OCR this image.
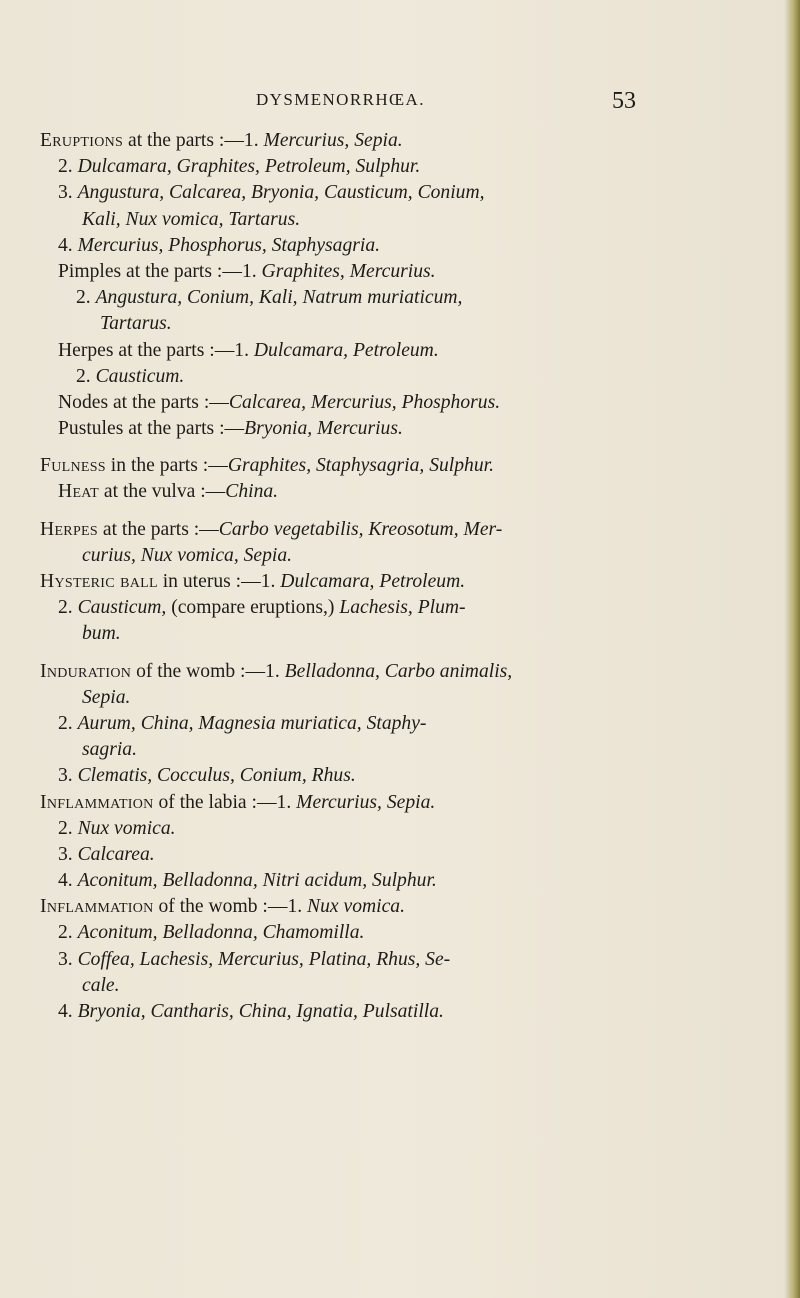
DYSMENORRHŒA.	53
Eruptions at the parts :—1. Mercurius, Sepia.
2. Dulcamara, Graphites, Petroleum, Sulphur.
3. Angustura, Calcarea, Bryonia, Causticum, Conium,
Kali, Nux vomica, Tartarus.
4. Mercurius, Phosphorus, Staphysagria.
Pimples at the parts :—1. Graphites, Mercurius.
2. Angustura, Conium, Kali, Natrum muriaticum,
Tartarus.
Herpes at the parts :—1. Dulcamara, Petroleum.
2. Causticum.
Nodes at the parts :—Calcarea, Mercurius, Phosphorus.
Pustules at the parts :—Bryonia, Mercurius.
Fulness in the parts :—Graphites, Staphysagria, Sulphur.
Heat at the vulva :—China.
Herpes at the parts :—Carbo vegetabilis, Kreosotum, Mer-
curius, Nux vomica, Sepia.
Hysteric ball in uterus :—1. Dulcamara, Petroleum.
2. Causticum, (compare eruptions,) Lachesis, Plum-
bum.
Induration of the womb :—1. Belladonna, Carbo animalis,
Sepia.
2. Aurum, China, Magnesia muriatica, Staphy-
sagria.
3. Clematis, Cocculus, Conium, Rhus.
Inflammation of the labia :—1. Mercurius, Sepia.
2. Nux vomica.
3. Calcarea.
4. Aconitum, Belladonna, Nitri acidum, Sulphur.
Inflammation of the womb :—1. Nux vomica.
2. Aconitum, Belladonna, Chamomilla.
3. Coffea, Lachesis, Mercurius, Platina, Rhus, Se-
cale.
4. Bryonia, Cantharis, China, Ignatia, Pulsatilla.
